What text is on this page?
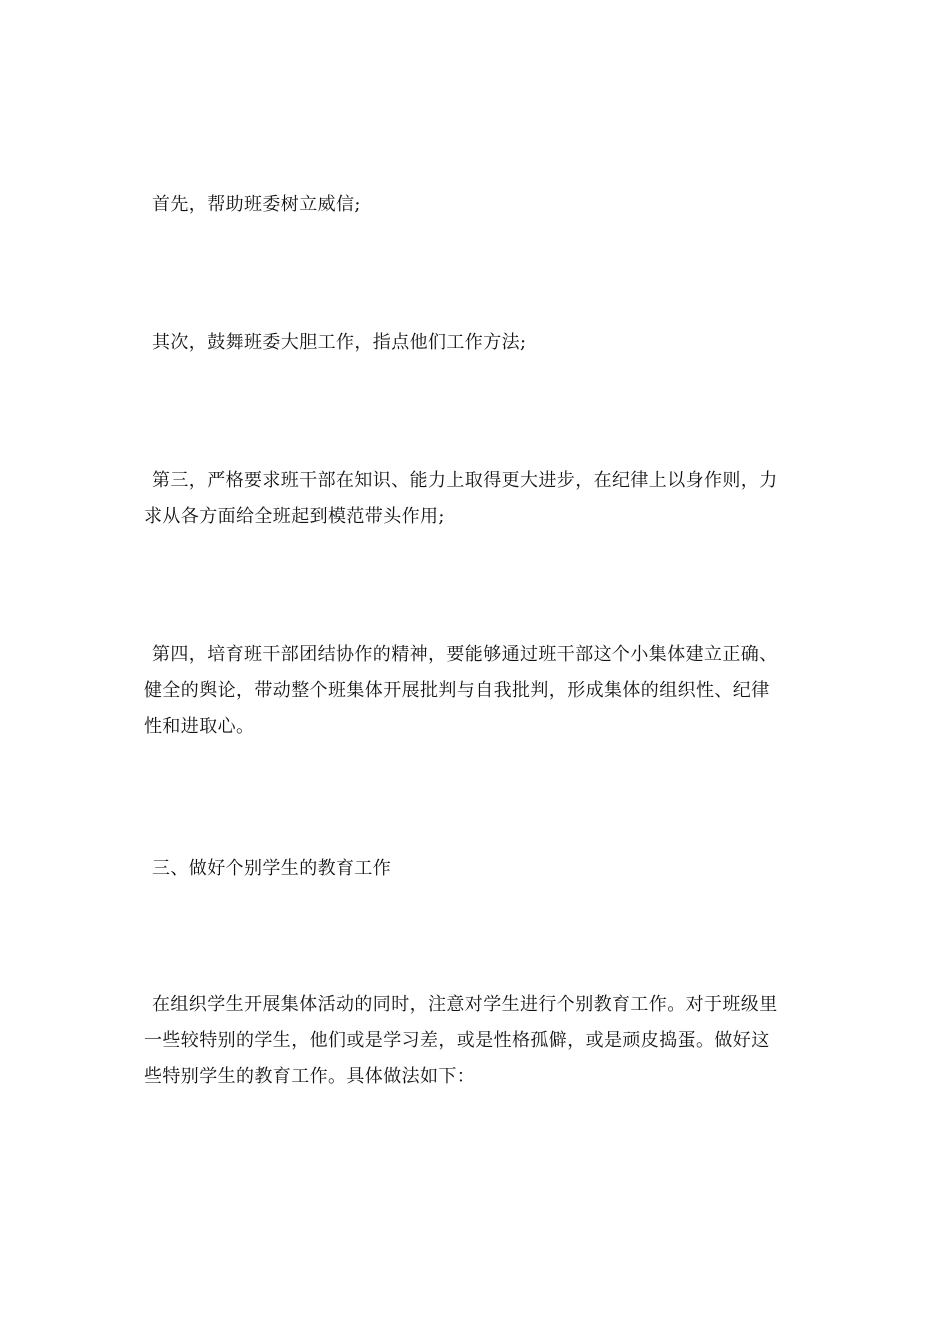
首先，帮助班委树立威信;
其次，鼓舞班委大胆工作，指点他们工作方法;
第三，严格要求班干部在知识、能力上取得更大进步，在纪律上以身作则，力
求从各方面给全班起到模范带头作用;
第四，培育班干部团结协作的精神，要能够通过班干部这个小集体建立正确、
健全的舆论，带动整个班集体开展批判与自我批判，形成集体的组织性、纪律
性和进取心。
三、做好个别学生的教育工作
在组织学生开展集体活动的同时，注意对学生进行个别教育工作。对于班级里
一些较特别的学生，他们或是学习差，或是性格孤僻，或是顽皮捣蛋。做好这
些特别学生的教育工作。具体做法如下：
